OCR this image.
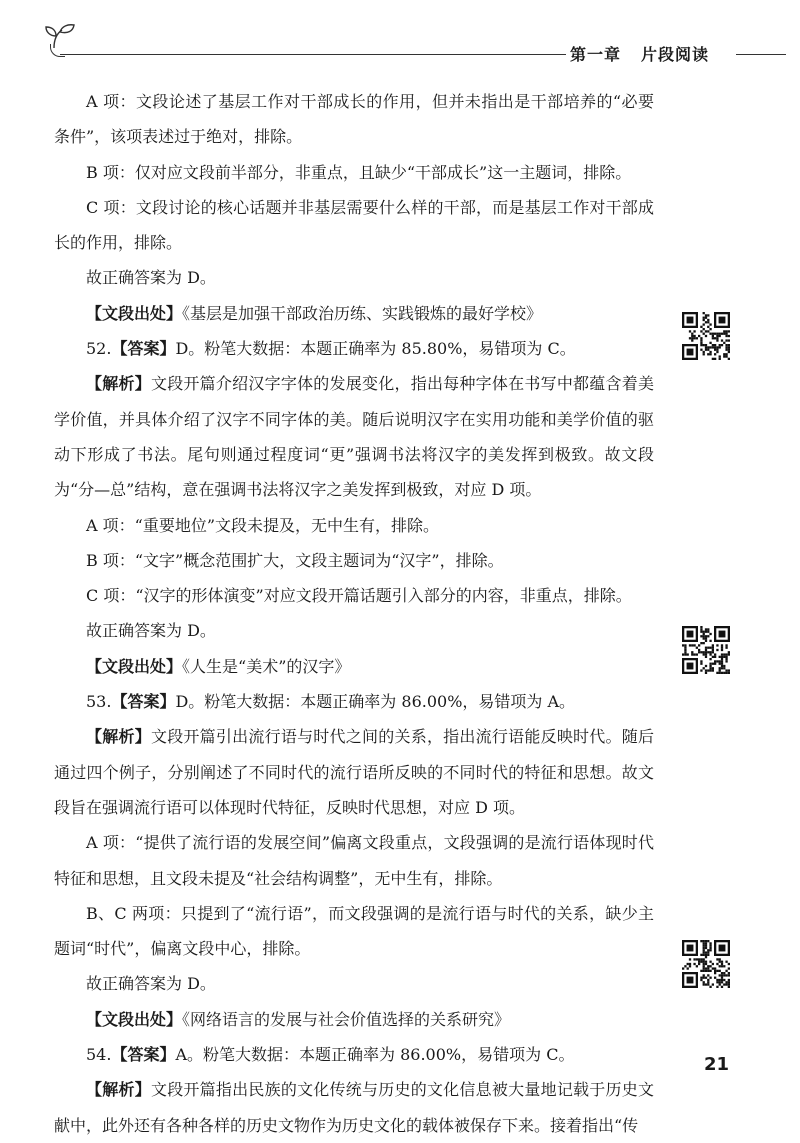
第一章 片段阅读

A 项：文段论述了基层工作对干部成长的作用，但并未指出是干部培养的“必要条件”，该项表述过于绝对，排除。

B 项：仅对应文段前半部分，非重点，且缺少“干部成长”这一主题词，排除。

C 项：文段讨论的核心话题并非基层需要什么样的干部，而是基层工作对干部成长的作用，排除。

故正确答案为 D。

【文段出处】《基层是加强干部政治历练、实践锻炼的最好学校》

52.【答案】D。粉笔大数据：本题正确率为 85.80%，易错项为 C。

【解析】文段开篇介绍汉字字体的发展变化，指出每种字体在书写中都蕴含着美学价值，并具体介绍了汉字不同字体的美。随后说明汉字在实用功能和美学价值的驱动下形成了书法。尾句则通过程度词“更”强调书法将汉字的美发挥到极致。故文段为“分—总”结构，意在强调书法将汉字之美发挥到极致，对应 D 项。

A 项：“重要地位”文段未提及，无中生有，排除。

B 项：“文字”概念范围扩大，文段主题词为“汉字”，排除。

C 项：“汉字的形体演变”对应文段开篇话题引入部分的内容，非重点，排除。

故正确答案为 D。

【文段出处】《人生是“美术”的汉字》

53.【答案】D。粉笔大数据：本题正确率为 86.00%，易错项为 A。

【解析】文段开篇引出流行语与时代之间的关系，指出流行语能反映时代。随后通过四个例子，分别阐述了不同时代的流行语所反映的不同时代的特征和思想。故文段旨在强调流行语可以体现时代特征，反映时代思想，对应 D 项。

A 项：“提供了流行语的发展空间”偏离文段重点，文段强调的是流行语体现时代特征和思想，且文段未提及“社会结构调整”，无中生有，排除。

B、C 两项：只提到了“流行语”，而文段强调的是流行语与时代的关系，缺少主题词“时代”，偏离文段中心，排除。

故正确答案为 D。

【文段出处】《网络语言的发展与社会价值选择的关系研究》

54.【答案】A。粉笔大数据：本题正确率为 86.00%，易错项为 C。

【解析】文段开篇指出民族的文化传统与历史的文化信息被大量地记载于历史文献中，此外还有各种各样的历史文物作为历史文化的载体被保存下来。接着指出“传

21
